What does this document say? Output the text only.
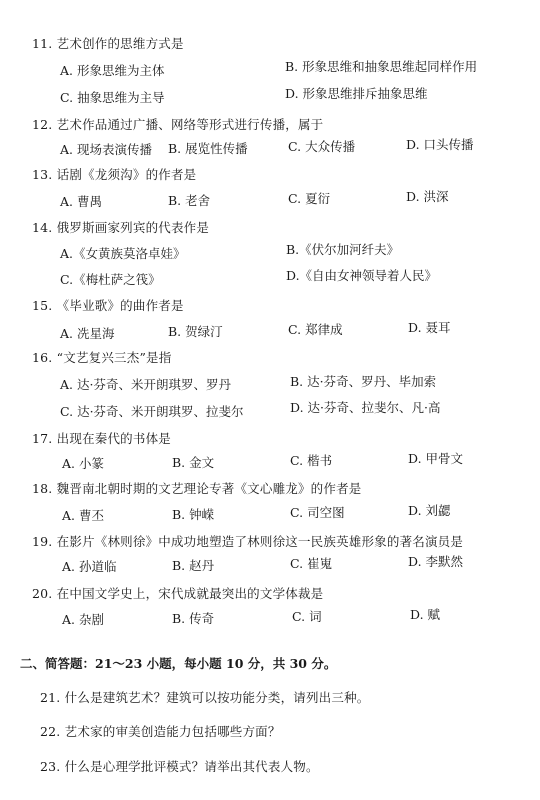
11. 艺术创作的思维方式是
A. 形象思维为主体	B. 形象思维和抽象思维起同样作用
C. 抽象思维为主导	D. 形象思维排斥抽象思维
12. 艺术作品通过广播、网络等形式进行传播，属于
A. 现场表演传播 B. 展览性传播	C. 大众传播	D. 口头传播
13. 话剧《龙须沟》的作者是
A. 曹禺	B. 老舍	C. 夏衍	D. 洪深
14. 俄罗斯画家列宾的代表作是
A.《女黄族莫洛卓娃》	B.《伏尔加河纤夫》
C.《梅杜萨之筏》	D.《自由女神领导着人民》
15. 《毕业歌》的曲作者是
A. 冼星海	B. 贺绿汀	C. 郑律成	D. 聂耳
16. “文艺复兴三杰”是指
A. 达·芬奇、米开朗琪罗、罗丹	B. 达·芬奇、罗丹、毕加索
C. 达·芬奇、米开朗琪罗、拉斐尔	D. 达·芬奇、拉斐尔、凡·高
17. 出现在秦代的书体是
A. 小篆	B. 金文	C. 楷书	D. 甲骨文
18. 魏晋南北朝时期的文艺理论专著《文心雕龙》的作者是
A. 曹丕	B. 钟嵘	C. 司空图	D. 刘勰
19. 在影片《林则徐》中成功地塑造了林则徐这一民族英雄形象的著名演员是
A. 孙道临	B. 赵丹	C. 崔嵬	D. 李默然
20. 在中国文学史上，宋代成就最突出的文学体裁是
A. 杂剧	B. 传奇	C. 词	D. 赋
二、简答题：21～23 小题，每小题 10 分，共 30 分。
21. 什么是建筑艺术？建筑可以按功能分类，请列出三种。
22. 艺术家的审美创造能力包括哪些方面？
23. 什么是心理学批评模式？请举出其代表人物。
